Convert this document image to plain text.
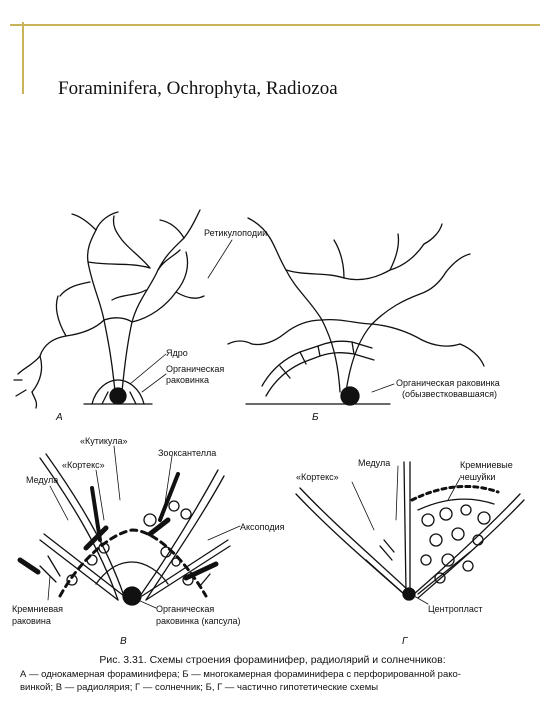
Foraminifera, Ochrophyta, Radiozoa
Ретикулоподии
Ядро
Органическая
раковинка	Органическая раковинка
(обызвестковавшаяся)
А	Б
«Кутикула»
«Кортекс»
Зооксантелла
Медула
Аксоподия
Кремниевая
раковина
Органическая
раковинка (капсула)
В
«Кортекс»
Медула	Кремниевые
чешуйки
Центропласт
Г
Рис. 3.31. Схемы строения фораминифер, радиолярий и солнечников:
А — однокамерная фораминифера; Б — многокамерная фораминифера с перфорированной рако-
винкой; В — радиолярия; Г — солнечник; Б, Г — частично гипотетические схемы
